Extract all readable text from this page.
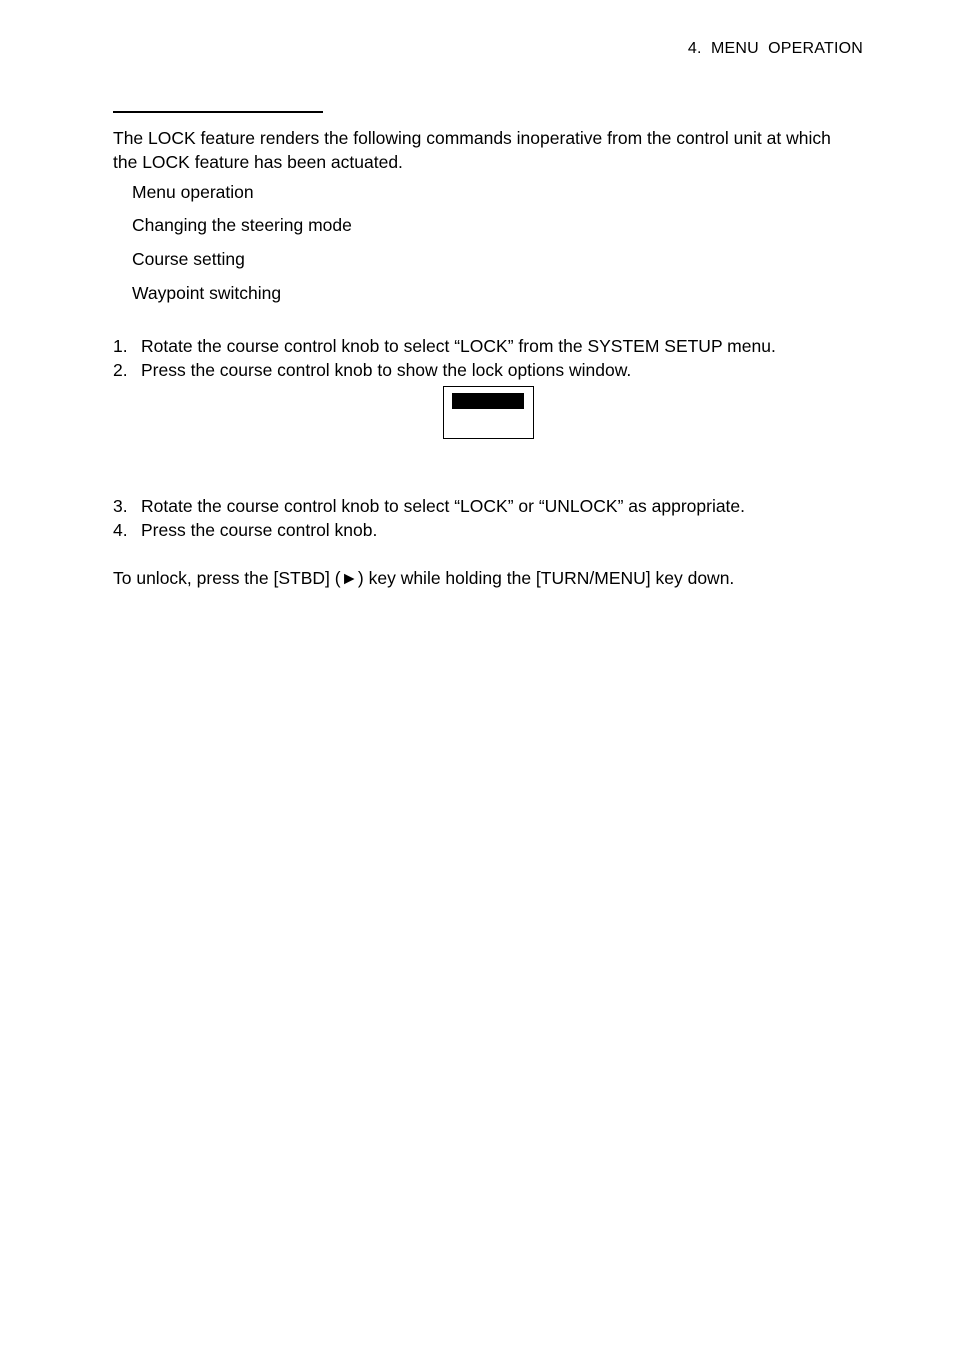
4.  MENU  OPERATION
The LOCK feature renders the following commands inoperative from the control unit at which the LOCK feature has been actuated.
Menu operation
Changing the steering mode
Course setting
Waypoint switching
1. Rotate the course control knob to select “LOCK” from the SYSTEM SETUP menu.
2. Press the course control knob to show the lock options window.
3. Rotate the course control knob to select “LOCK” or “UNLOCK” as appropriate.
4. Press the course control knob.
To unlock, press the [STBD] (►) key while holding the [TURN/MENU] key down.
